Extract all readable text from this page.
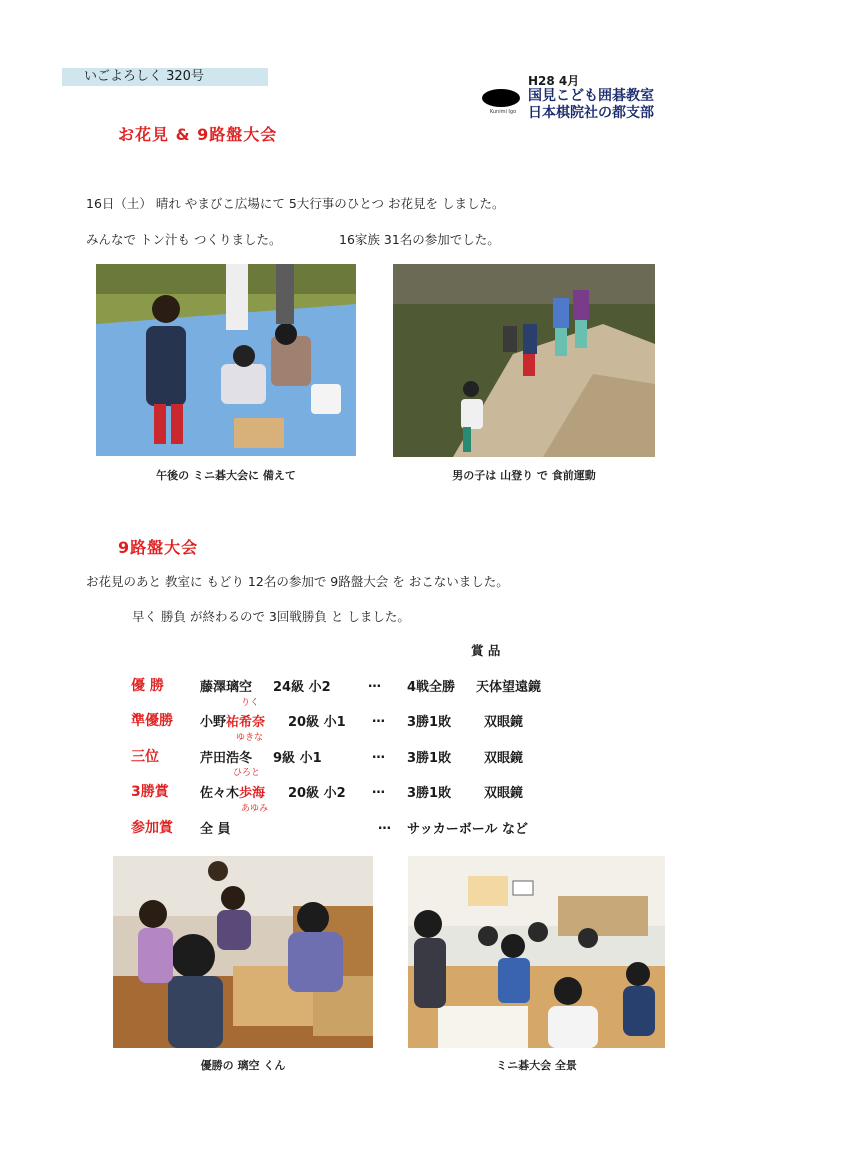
いごよろしく 320号
Kunimi Igo
H28 4月
国見こども囲碁教室
日本棋院社の都支部
お花見 & 9路盤大会
16日（土） 晴れ やまびこ広場にて 5大行事のひとつ お花見を しました。
みんなで トン汁も つくりました。	16家族 31名の参加でした。
午後の ミニ碁大会に 備えて	男の子は 山登り で 食前運動
9路盤大会
お花見のあと 教室に もどり 12名の参加で 9路盤大会 を おこないました。
早く 勝負 が終わるので 3回戦勝負 と しました。
賞 品
優 勝	藤澤璃空 24級 小2	… 4戦全勝 天体望遠鏡
りく
準優勝 小野祐希奈 20級 小1 … 3勝1敗	双眼鏡
ゆきな
三位	芹田浩冬 9級 小1	… 3勝1敗	双眼鏡
ひろと
3勝賞 佐々木歩海 20級 小2 … 3勝1敗	双眼鏡
あゆみ
参加賞 全 員	… サッカーボール など
優勝の 璃空 くん	ミニ碁大会 全景
